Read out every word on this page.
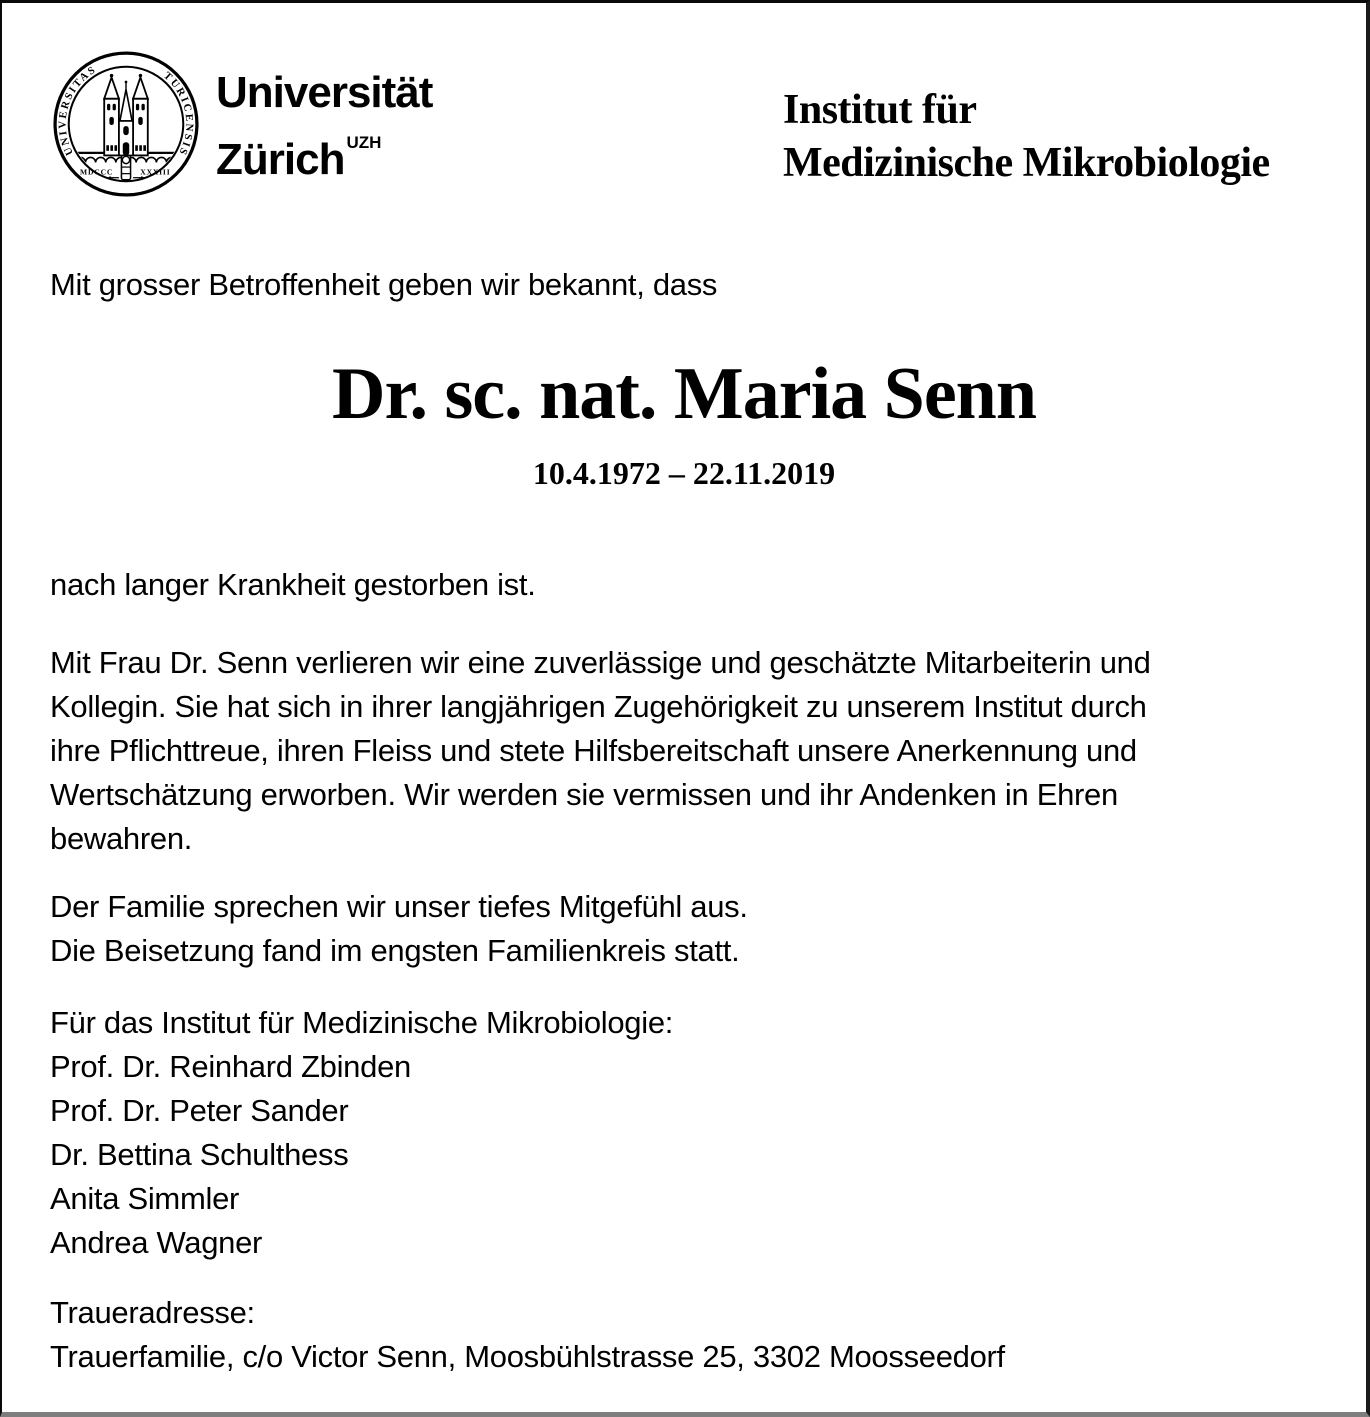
UNIVERSITAS	TURICENSIS
MDCCC	XXXIII
Universität
Zürich $^{UZH}$
Institut für
Medizinische Mikrobiologie
Mit grosser Betroffenheit geben wir bekannt, dass
Dr. sc. nat. Maria Senn
10.4.1972 – 22.11.2019
nach langer Krankheit gestorben ist.
Mit Frau Dr. Senn verlieren wir eine zuverlässige und geschätzte Mitarbeiterin und
Kollegin. Sie hat sich in ihrer langjährigen Zugehörigkeit zu unserem Institut durch
ihre Pflichttreue, ihren Fleiss und stete Hilfsbereitschaft unsere Anerkennung und
Wertschätzung erworben. Wir werden sie vermissen und ihr Andenken in Ehren
bewahren.
Der Familie sprechen wir unser tiefes Mitgefühl aus.
Die Beisetzung fand im engsten Familienkreis statt.
Für das Institut für Medizinische Mikrobiologie:
Prof. Dr. Reinhard Zbinden
Prof. Dr. Peter Sander
Dr. Bettina Schulthess
Anita Simmler
Andrea Wagner
Traueradresse:
Trauerfamilie, c/o Victor Senn, Moosbühlstrasse 25, 3302 Moosseedorf
